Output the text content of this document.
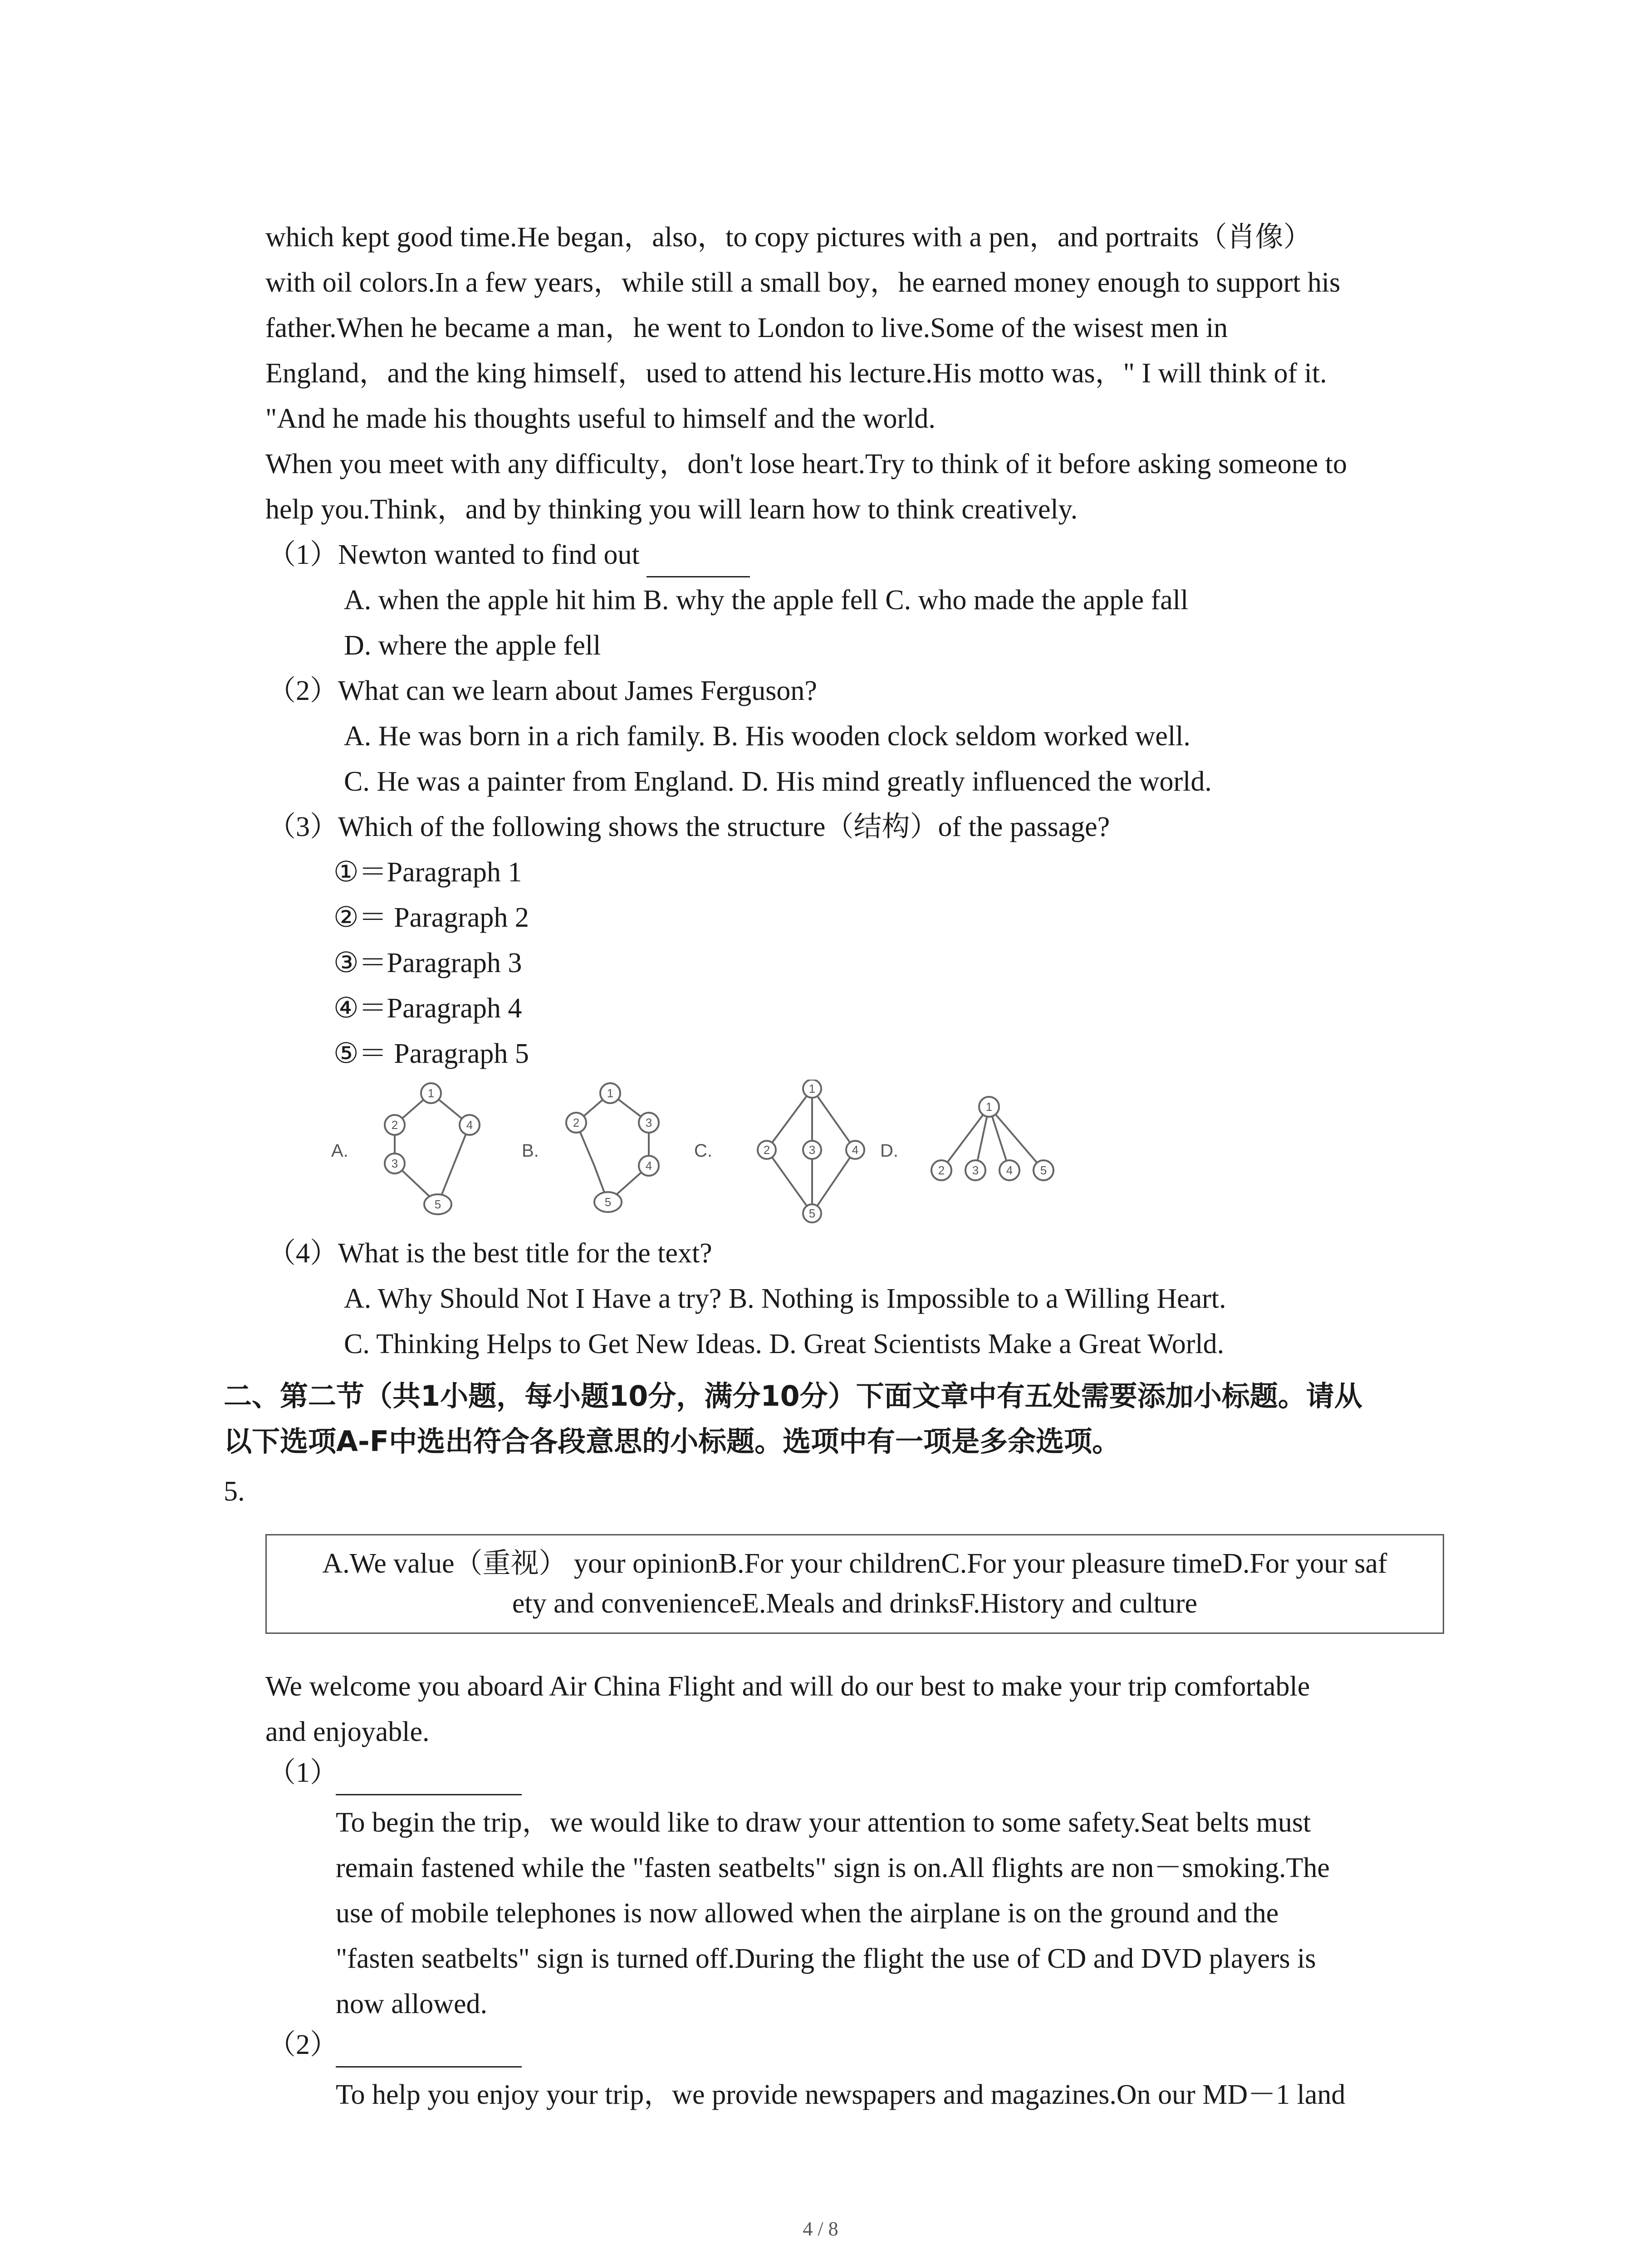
which kept good time.He began，also，to copy pictures with a pen，and portraits（肖像）
with oil colors.In a few years，while still a small boy，he earned money enough to support his
father.When he became a man，he went to London to live.Some of the wisest men in
England，and the king himself，used to attend his lecture.His motto was，" I will think of it.
"And he made his thoughts useful to himself and the world.
When you meet with any difficulty，don't lose heart.Try to think of it before asking someone to
help you.Think，and by thinking you will learn how to think creatively.
（1）Newton wanted to find out
A. when the apple hit him B. why the apple fell C. who made the apple fall
D. where the apple fell
（2）What can we learn about James Ferguson?
A. He was born in a rich family. B. His wooden clock seldom worked well.
C. He was a painter from England. D. His mind greatly influenced the world.
（3）Which of the following shows the structure（结构）of the passage?
①＝Paragraph 1
②＝ Paragraph 2
③＝Paragraph 3
④＝Paragraph 4
⑤＝ Paragraph 5
A.	B.	C.	D.
1
2	4
3
5
1
2	3
4
5
1
2	3	4
5
1
2 3 4 5
（4）What is the best title for the text?
A. Why Should Not I Have a try? B. Nothing is Impossible to a Willing Heart.
C. Thinking Helps to Get New Ideas. D. Great Scientists Make a Great World.
二、第二节（共1小题，每小题10分，满分10分）下面文章中有五处需要添加小标题。请从
以下选项A-F中选出符合各段意思的小标题。选项中有一项是多余选项。
5.
A.We value（重视） your opinionB.For your childrenC.For your pleasure timeD.For your saf
ety and convenienceE.Meals and drinksF.History and culture
We welcome you aboard Air China Flight and will do our best to make your trip comfortable
and enjoyable.
（1）
To begin the trip，we would like to draw your attention to some safety.Seat belts must
remain fastened while the "fasten seatbelts" sign is on.All flights are non－smoking.The
use of mobile telephones is now allowed when the airplane is on the ground and the
"fasten seatbelts" sign is turned off.During the flight the use of CD and DVD players is
now allowed.
（2）
To help you enjoy your trip，we provide newspapers and magazines.On our MD－1 land
4 / 8
